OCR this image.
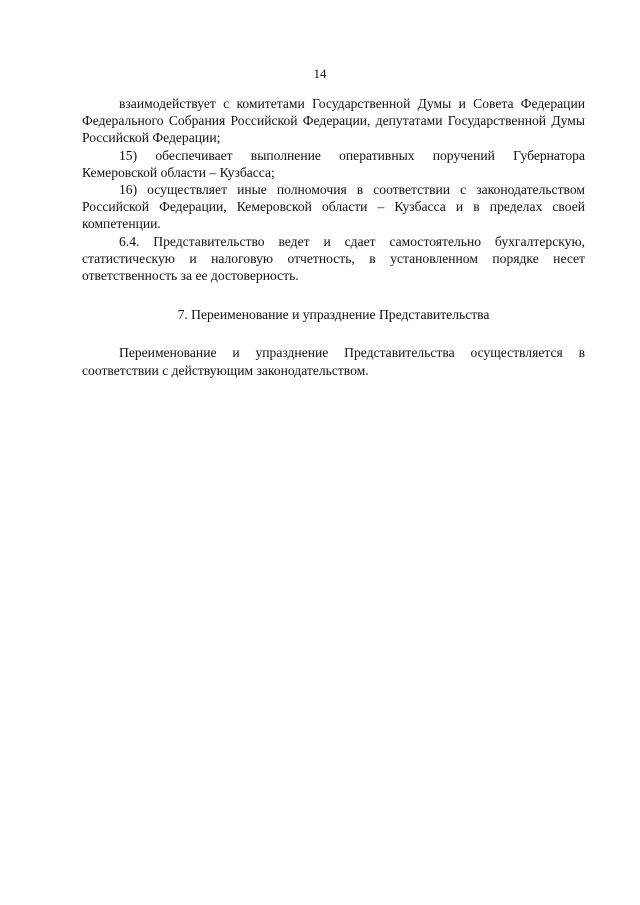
14

взаимодействует с комитетами Государственной Думы и Совета Федерации Федерального Собрания Российской Федерации, депутатами Государственной Думы Российской Федерации;

15) обеспечивает выполнение оперативных поручений Губернатора Кемеровской области – Кузбасса;

16) осуществляет иные полномочия в соответствии с законодательством Российской Федерации, Кемеровской области – Кузбасса и в пределах своей компетенции.

6.4. Представительство ведет и сдает самостоятельно бухгалтерскую, статистическую и налоговую отчетность, в установленном порядке несет ответственность за ее достоверность.

7. Переименование и упразднение Представительства

Переименование и упразднение Представительства осуществляется в соответствии с действующим законодательством.
